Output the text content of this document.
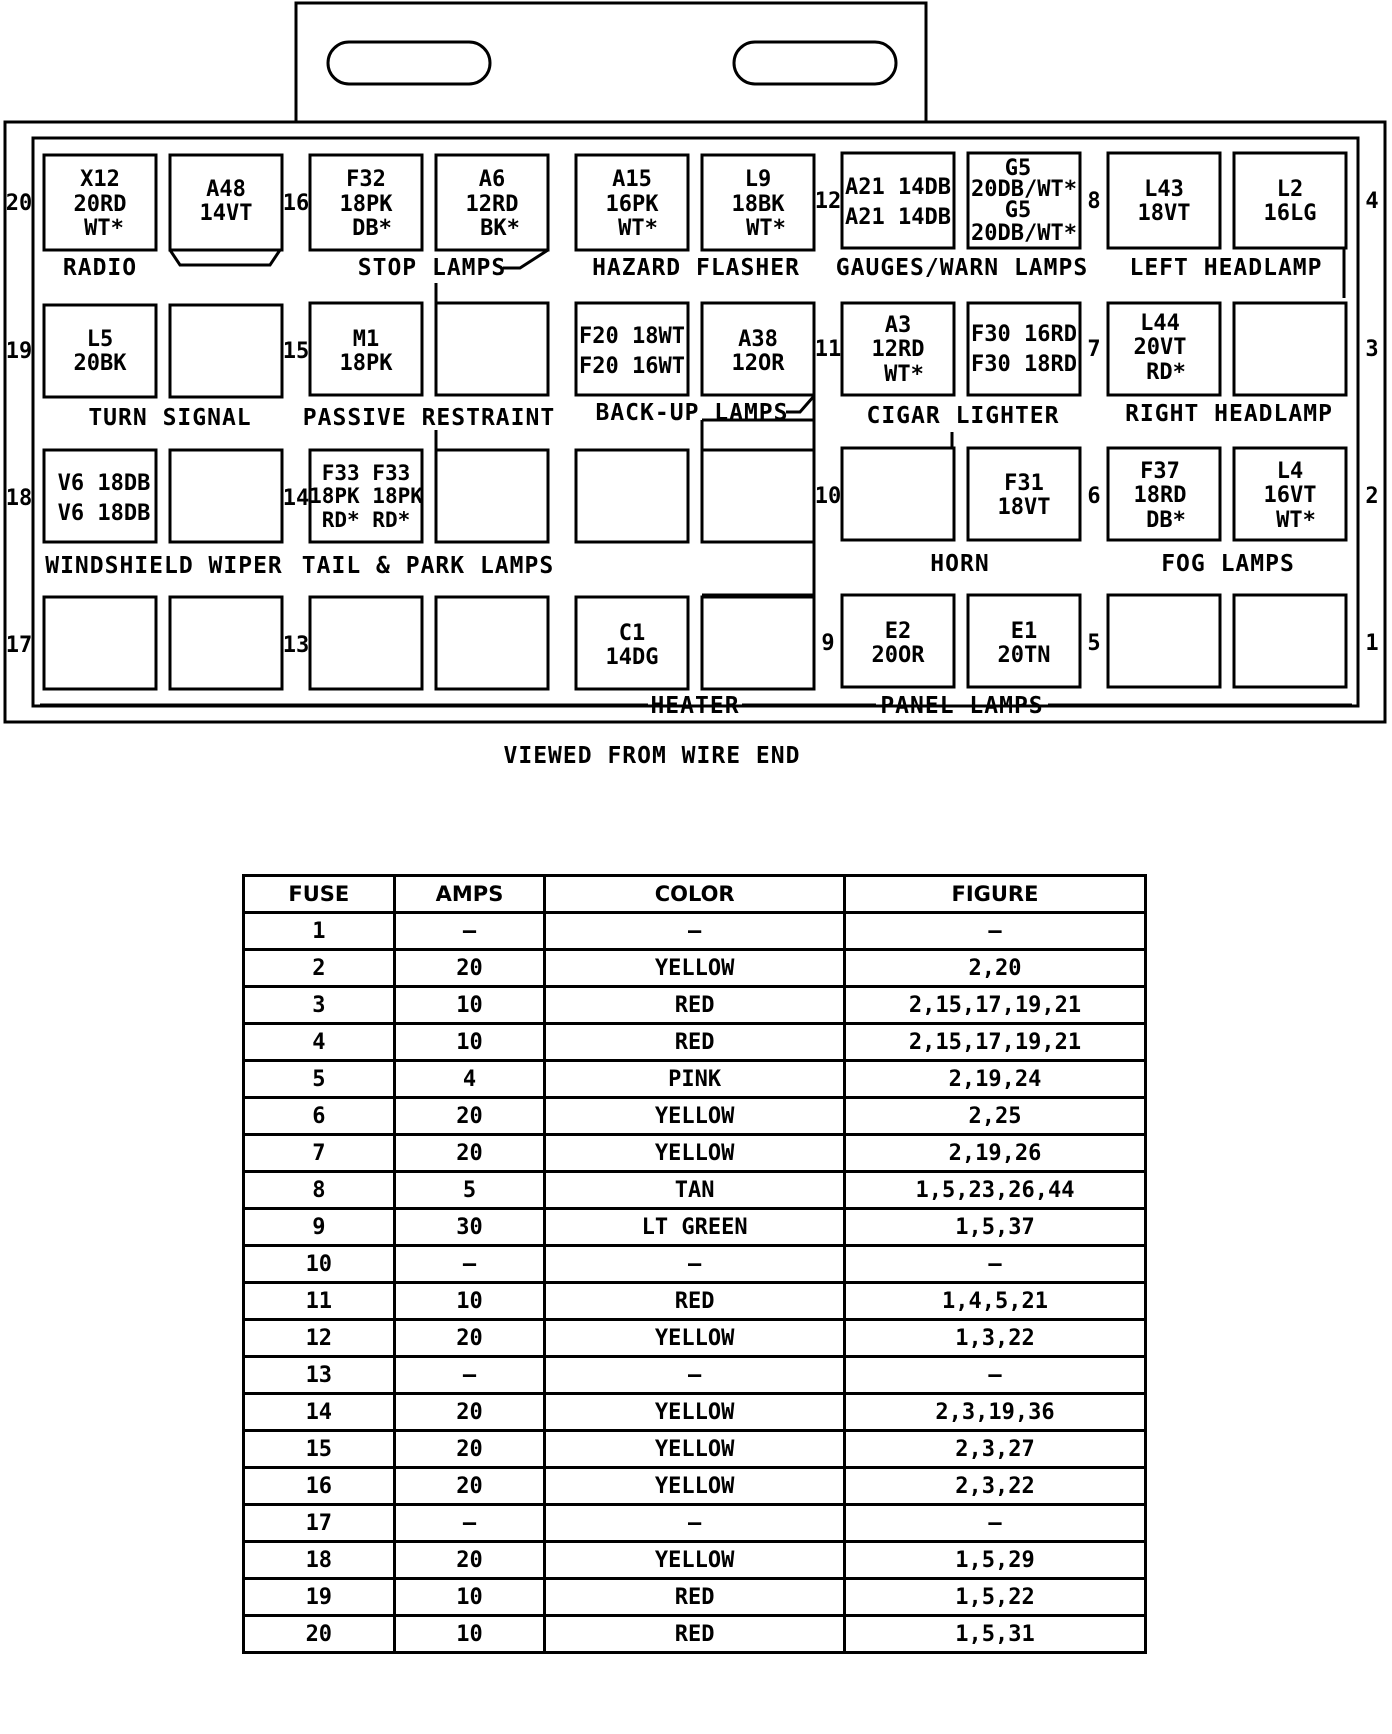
X12
20RD
WT*
A48
14VT
F32
18PK
DB*
A6
12RD
BK*
A15
16PK
WT*
L9
18BK
WT*
A21 14DB
A21 14DB
G5
20DB/WT*
G5
20DB/WT*
L43
18VT
L2
16LG
L5
20BK
M1
18PK
F20 18WT
F20 16WT
A38
12OR
A3
12RD
WT*
F30 16RD
F30 18RD
L44
20VT
RD*
V6 18DB
V6 18DB
F33 F33
18PK 18PK
RD* RD*
F31
18VT
F37
18RD
DB*
L4
16VT
WT*
C1
14DG
E2
20OR
E1
20TN
RADIO	STOP LAMPS	HAZARD FLASHER GAUGES/WARN LAMPS LEFT HEADLAMP
TURN SIGNAL PASSIVE RESTRAINT BACK-UP LAMPS	CIGAR LIGHTER	RIGHT HEADLAMP
WINDSHIELD WIPER TAIL & PARK LAMPS	HORN	FOG LAMPS
HEATER	PANEL LAMPS
20
19
18
17
16
15
14
13
12
11
10
9
8
7
6
5
4
3
2
1
VIEWED FROM WIRE END
FUSE	AMPS	COLOR	FIGURE
1	—	—	—
2	20	YELLOW	2,20
3	10	RED	2,15,17,19,21
4	10	RED	2,15,17,19,21
5	4	PINK	2,19,24
6	20	YELLOW	2,25
7	20	YELLOW	2,19,26
8	5	TAN	1,5,23,26,44
9	30	LT GREEN	1,5,37
10	—	—	—
11	10	RED	1,4,5,21
12	20	YELLOW	1,3,22
13	—	—	—
14	20	YELLOW	2,3,19,36
15	20	YELLOW	2,3,27
16	20	YELLOW	2,3,22
17	—	—	—
18	20	YELLOW	1,5,29
19	10	RED	1,5,22
20	10	RED	1,5,31
